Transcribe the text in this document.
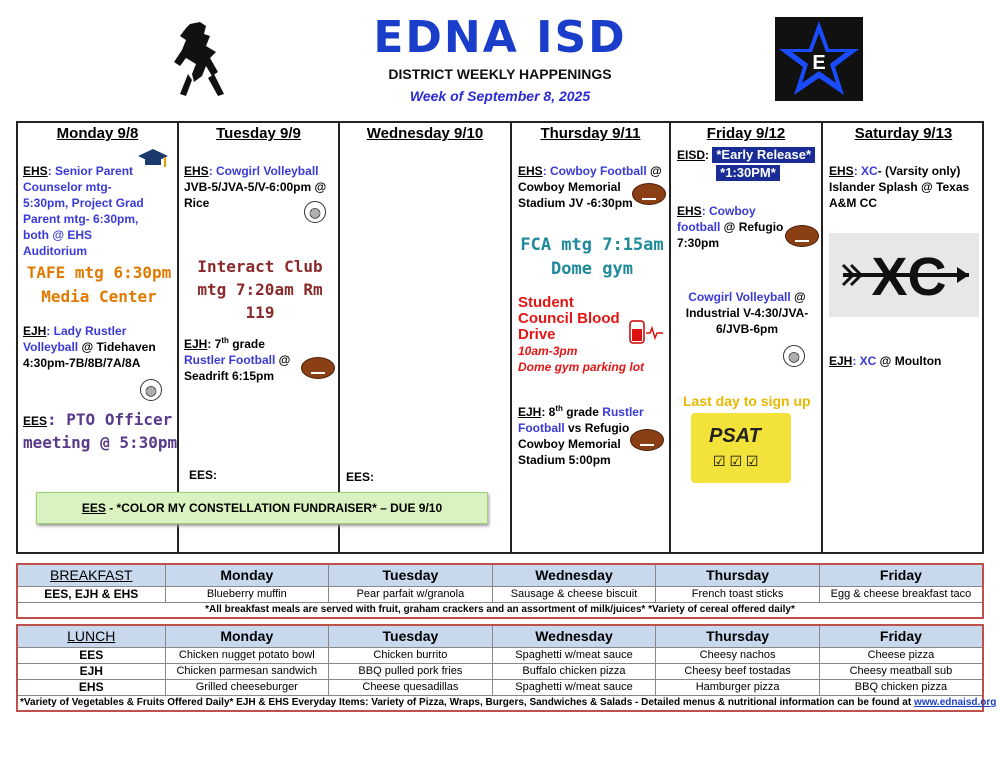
EDNA ISD
DISTRICT WEEKLY HAPPENINGS
Week of September 8, 2025
E
Monday 9/8
EHS: Senior Parent Counselor mtg- 5:30pm, Project Grad Parent mtg- 6:30pm, both @ EHS Auditorium
TAFE mtg 6:30pm Media Center
EJH: Lady Rustler Volleyball @ Tidehaven 4:30pm-7B/8B/7A/8A
◍
EES: PTO Officer meeting @ 5:30pm
Tuesday 9/9
EHS: Cowgirl Volleyball
JVB-5/JVA-5/V-6:00pm @ Rice
◍
Interact Club mtg 7:20am Rm 119
EJH: 7th grade Rustler Football @ Seadrift 6:15pm
EES:
Wednesday 9/10
EES:
Thursday 9/11
EHS: Cowboy Football @ Cowboy Memorial Stadium JV -6:30pm
FCA mtg 7:15am Dome gym
Student Council Blood Drive
10am-3pm
Dome gym parking lot
EJH: 8th grade Rustler Football vs Refugio Cowboy Memorial Stadium 5:00pm
Friday 9/12
EISD: *Early Release*
*1:30PM*
EHS: Cowboy football @ Refugio 7:30pm
Cowgirl Volleyball @ Industrial V-4:30/JVA-6/JVB-6pm
◍
Last day to sign up
PSAT
☑ ☑ ☑
Saturday 9/13
EHS: XC- (Varsity only) Islander Splash @ Texas A&M CC
XC
EJH: XC @ Moulton
EES - *COLOR MY CONSTELLATION FUNDRAISER* – DUE 9/10
BREAKFAST	Monday	Tuesday	Wednesday	Thursday	Friday
EES, EJH & EHS	Blueberry muffin	Pear parfait w/granola	Sausage & cheese biscuit	French toast sticks	Egg & cheese breakfast taco
*All breakfast meals are served with fruit, graham crackers and an assortment of milk/juices* *Variety of cereal offered daily*					
LUNCH	Monday	Tuesday	Wednesday	Thursday	Friday
EES	Chicken nugget potato bowl	Chicken burrito	Spaghetti w/meat sauce	Cheesy nachos	Cheese pizza
EJH	Chicken parmesan sandwich	BBQ pulled pork fries	Buffalo chicken pizza	Cheesy beef tostadas	Cheesy meatball sub
EHS	Grilled cheeseburger	Cheese quesadillas	Spaghetti w/meat sauce	Hamburger pizza	BBQ chicken pizza
*Variety of Vegetables & Fruits Offered Daily* EJH & EHS Everyday Items: Variety of Pizza, Wraps, Burgers, Sandwiches & Salads - Detailed menus & nutritional information can be found at www.ednaisd.org					
